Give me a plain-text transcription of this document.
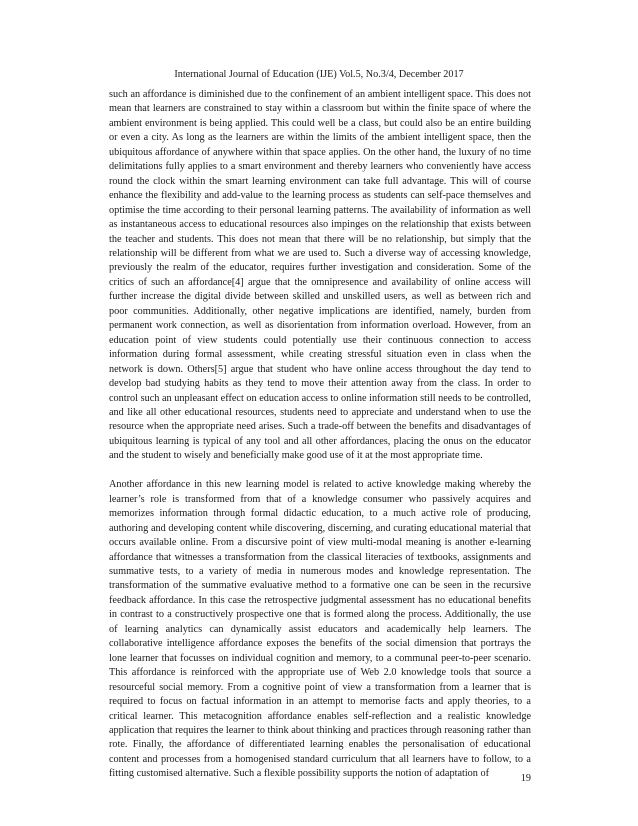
International Journal of Education (IJE) Vol.5, No.3/4, December 2017

such an affordance is diminished due to the confinement of an ambient intelligent space. This does not mean that learners are constrained to stay within a classroom but within the finite space of where the ambient environment is being applied. This could well be a class, but could also be an entire building or even a city. As long as the learners are within the limits of the ambient intelligent space, then the ubiquitous affordance of anywhere within that space applies. On the other hand, the luxury of no time delimitations fully applies to a smart environment and thereby learners who conveniently have access round the clock within the smart learning environment can take full advantage. This will of course enhance the flexibility and add-value to the learning process as students can self-pace themselves and optimise the time according to their personal learning patterns. The availability of information as well as instantaneous access to educational resources also impinges on the relationship that exists between the teacher and students. This does not mean that there will be no relationship, but simply that the relationship will be different from what we are used to. Such a diverse way of accessing knowledge, previously the realm of the educator, requires further investigation and consideration. Some of the critics of such an affordance[4] argue that the omnipresence and availability of online access will further increase the digital divide between skilled and unskilled users, as well as between rich and poor communities. Additionally, other negative implications are identified, namely, burden from permanent work connection, as well as disorientation from information overload. However, from an education point of view students could potentially use their continuous connection to access information during formal assessment, while creating stressful situation even in class when the network is down. Others[5] argue that student who have online access throughout the day tend to develop bad studying habits as they tend to move their attention away from the class. In order to control such an unpleasant effect on education access to online information still needs to be controlled, and like all other educational resources, students need to appreciate and understand when to use the resource when the appropriate need arises. Such a trade-off between the benefits and disadvantages of ubiquitous learning is typical of any tool and all other affordances, placing the onus on the educator and the student to wisely and beneficially make good use of it at the most appropriate time.

Another affordance in this new learning model is related to active knowledge making whereby the learner’s role is transformed from that of a knowledge consumer who passively acquires and memorizes information through formal didactic education, to a much active role of producing, authoring and developing content while discovering, discerning, and curating educational material that occurs available online. From a discursive point of view multi-modal meaning is another e-learning affordance that witnesses a transformation from the classical literacies of textbooks, assignments and summative tests, to a variety of media in numerous modes and knowledge representation. The transformation of the summative evaluative method to a formative one can be seen in the recursive feedback affordance. In this case the retrospective judgmental assessment has no educational benefits in contrast to a constructively prospective one that is formed along the process. Additionally, the use of learning analytics can dynamically assist educators and academically help learners. The collaborative intelligence affordance exposes the benefits of the social dimension that portrays the lone learner that focusses on individual cognition and memory, to a communal peer-to-peer scenario. This affordance is reinforced with the appropriate use of Web 2.0 knowledge tools that source a resourceful social memory. From a cognitive point of view a transformation from a learner that is required to focus on factual information in an attempt to memorise facts and apply theories, to a critical learner. This metacognition affordance enables self-reflection and a realistic knowledge application that requires the learner to think about thinking and practices through reasoning rather than rote. Finally, the affordance of differentiated learning enables the personalisation of educational content and processes from a homogenised standard curriculum that all learners have to follow, to a fitting customised alternative. Such a flexible possibility supports the notion of adaptation of	19
